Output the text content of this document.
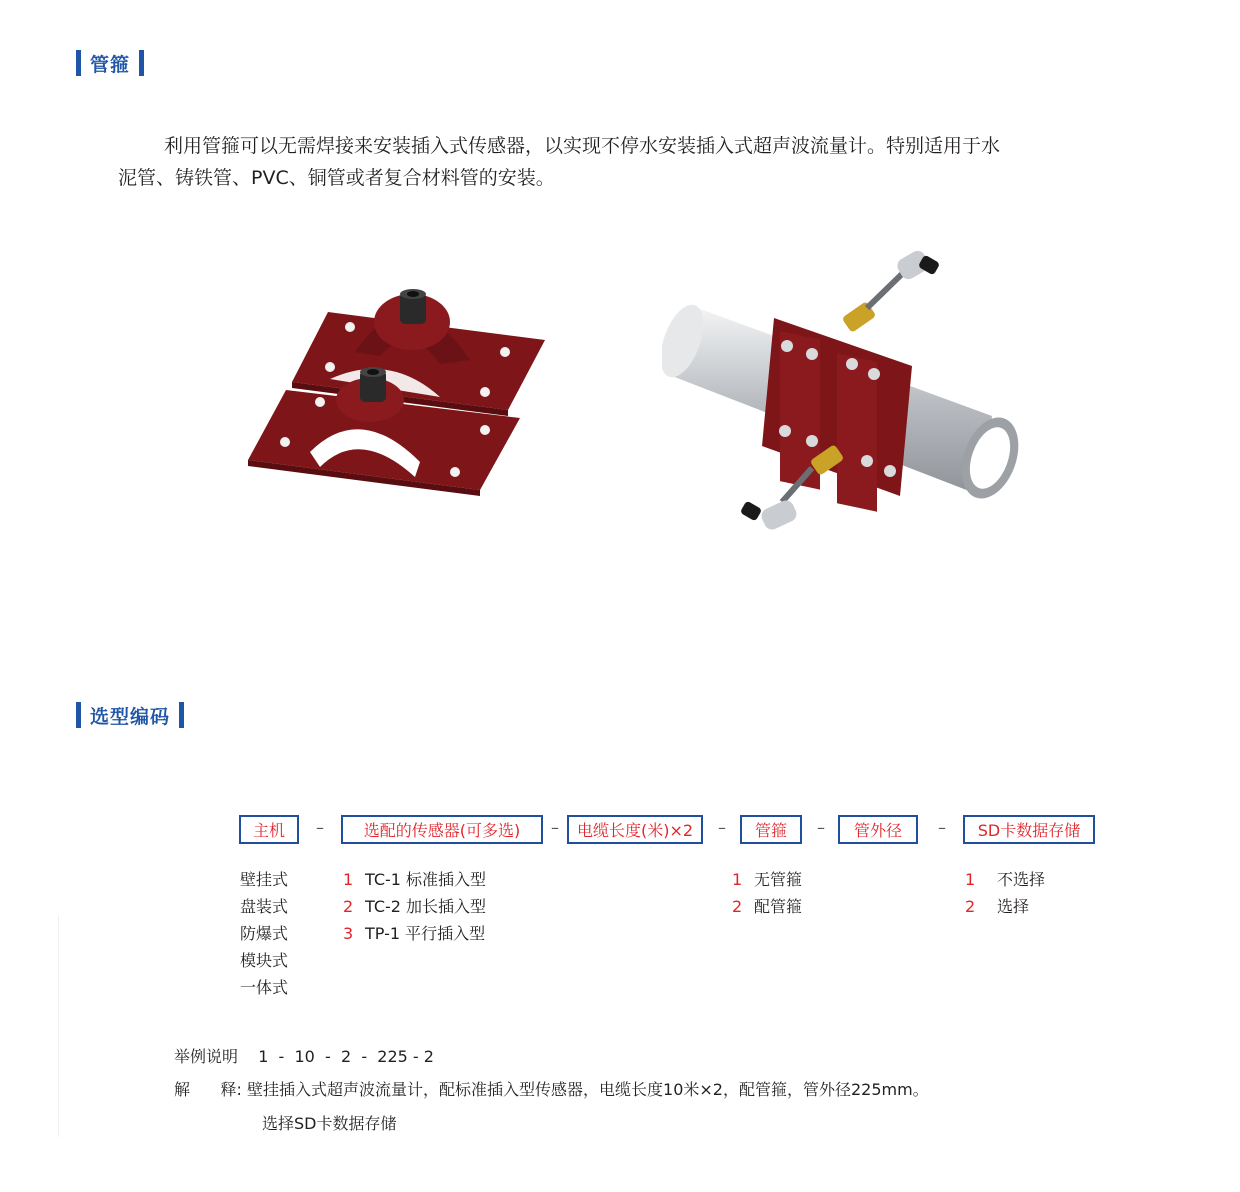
管箍
利用管箍可以无需焊接来安装插入式传感器，以实现不停水安装插入式超声波流量计。特别适用于水
泥管、铸铁管、PVC、铜管或者复合材料管的安装。
选型编码
主机	–	选配的传感器(可多选)	–	电缆长度(米)×2	–	管箍	–	管外径	–	SD卡数据存储
壁挂式
盘装式
防爆式
模块式
一体式
1 TC-1 标准插入型
2 TC-2 加长插入型
3 TP-1 平行插入型
1 无管箍
2 配管箍
1 不选择
2 选择
举例说明 1  -  10  -  2  -  225 - 2
解      释: 壁挂插入式超声波流量计，配标准插入型传感器，电缆长度10米×2，配管箍，管外径225mm。
选择SD卡数据存储
